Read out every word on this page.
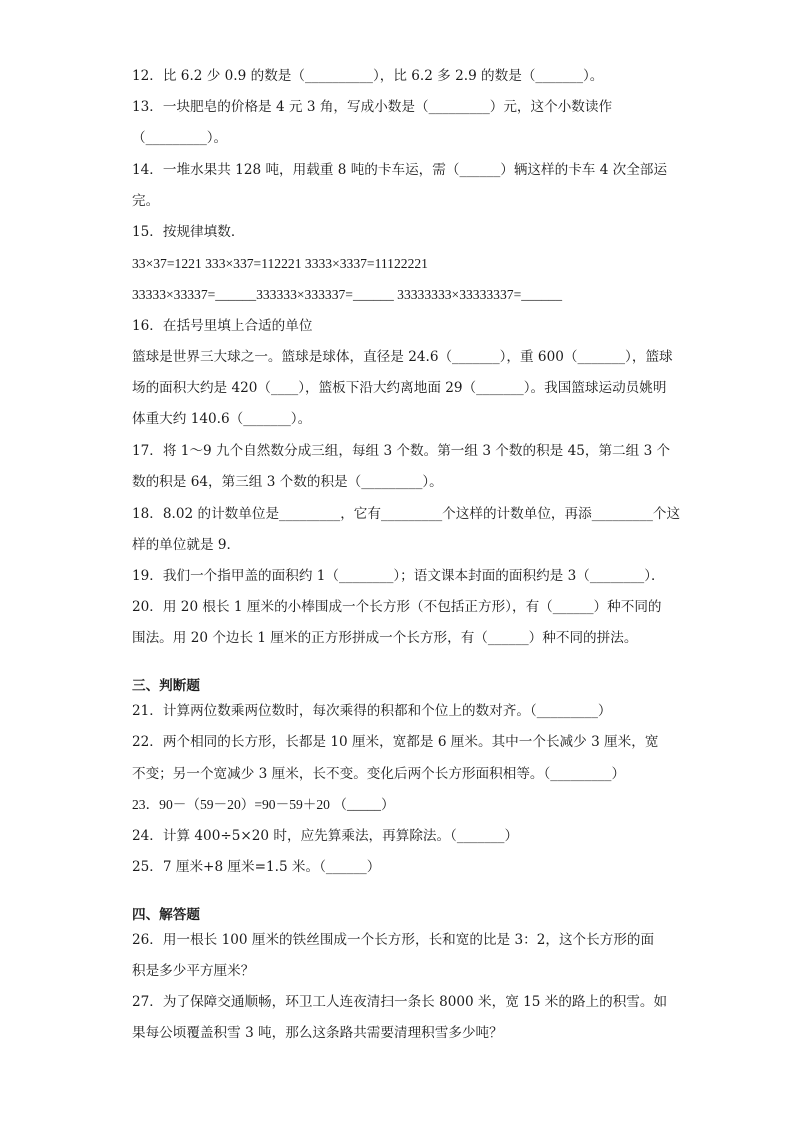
12．比 6.2 少 0.9 的数是（__________），比 6.2 多 2.9 的数是（_______）。
13．一块肥皂的价格是 4 元 3 角，写成小数是（_________）元，这个小数读作
（_________）。
14．一堆水果共 128 吨，用载重 8 吨的卡车运，需（______）辆这样的卡车 4 次全部运
完。
15．按规律填数．
33×37=1221 333×337=112221 3333×3337=11122221
33333×33337=______333333×333337=______ 33333333×33333337=______
16．在括号里填上合适的单位
篮球是世界三大球之一。篮球是球体，直径是 24.6（_______），重 600（_______），篮球
场的面积大约是 420（____），篮板下沿大约离地面 29（_______）。我国篮球运动员姚明
体重大约 140.6（_______）。
17．将 1～9 九个自然数分成三组，每组 3 个数。第一组 3 个数的积是 45，第二组 3 个
数的积是 64，第三组 3 个数的积是（_________）。
18．8.02 的计数单位是_________，它有_________个这样的计数单位，再添_________个这
样的单位就是 9．
19．我们一个指甲盖的面积约 1（________）；语文课本封面的面积约是 3（________）．
20．用 20 根长 1 厘米的小棒围成一个长方形（不包括正方形），有（______）种不同的
围法。用 20 个边长 1 厘米的正方形拼成一个长方形，有（______）种不同的拼法。
三、判断题
21．计算两位数乘两位数时，每次乘得的积都和个位上的数对齐。（_________）
22．两个相同的长方形，长都是 10 厘米，宽都是 6 厘米。其中一个长减少 3 厘米，宽
不变；另一个宽减少 3 厘米，长不变。变化后两个长方形面积相等。（_________）
23．90－（59－20）=90－59＋20 （_____）
24．计算 400÷5×20 时，应先算乘法，再算除法。（_______）
25．7 厘米+8 厘米=1.5 米。（______）
四、解答题
26．用一根长 100 厘米的铁丝围成一个长方形，长和宽的比是 3：2，这个长方形的面
积是多少平方厘米？
27．为了保障交通顺畅，环卫工人连夜清扫一条长 8000 米，宽 15 米的路上的积雪。如
果每公顷覆盖积雪 3 吨，那么这条路共需要清理积雪多少吨？
